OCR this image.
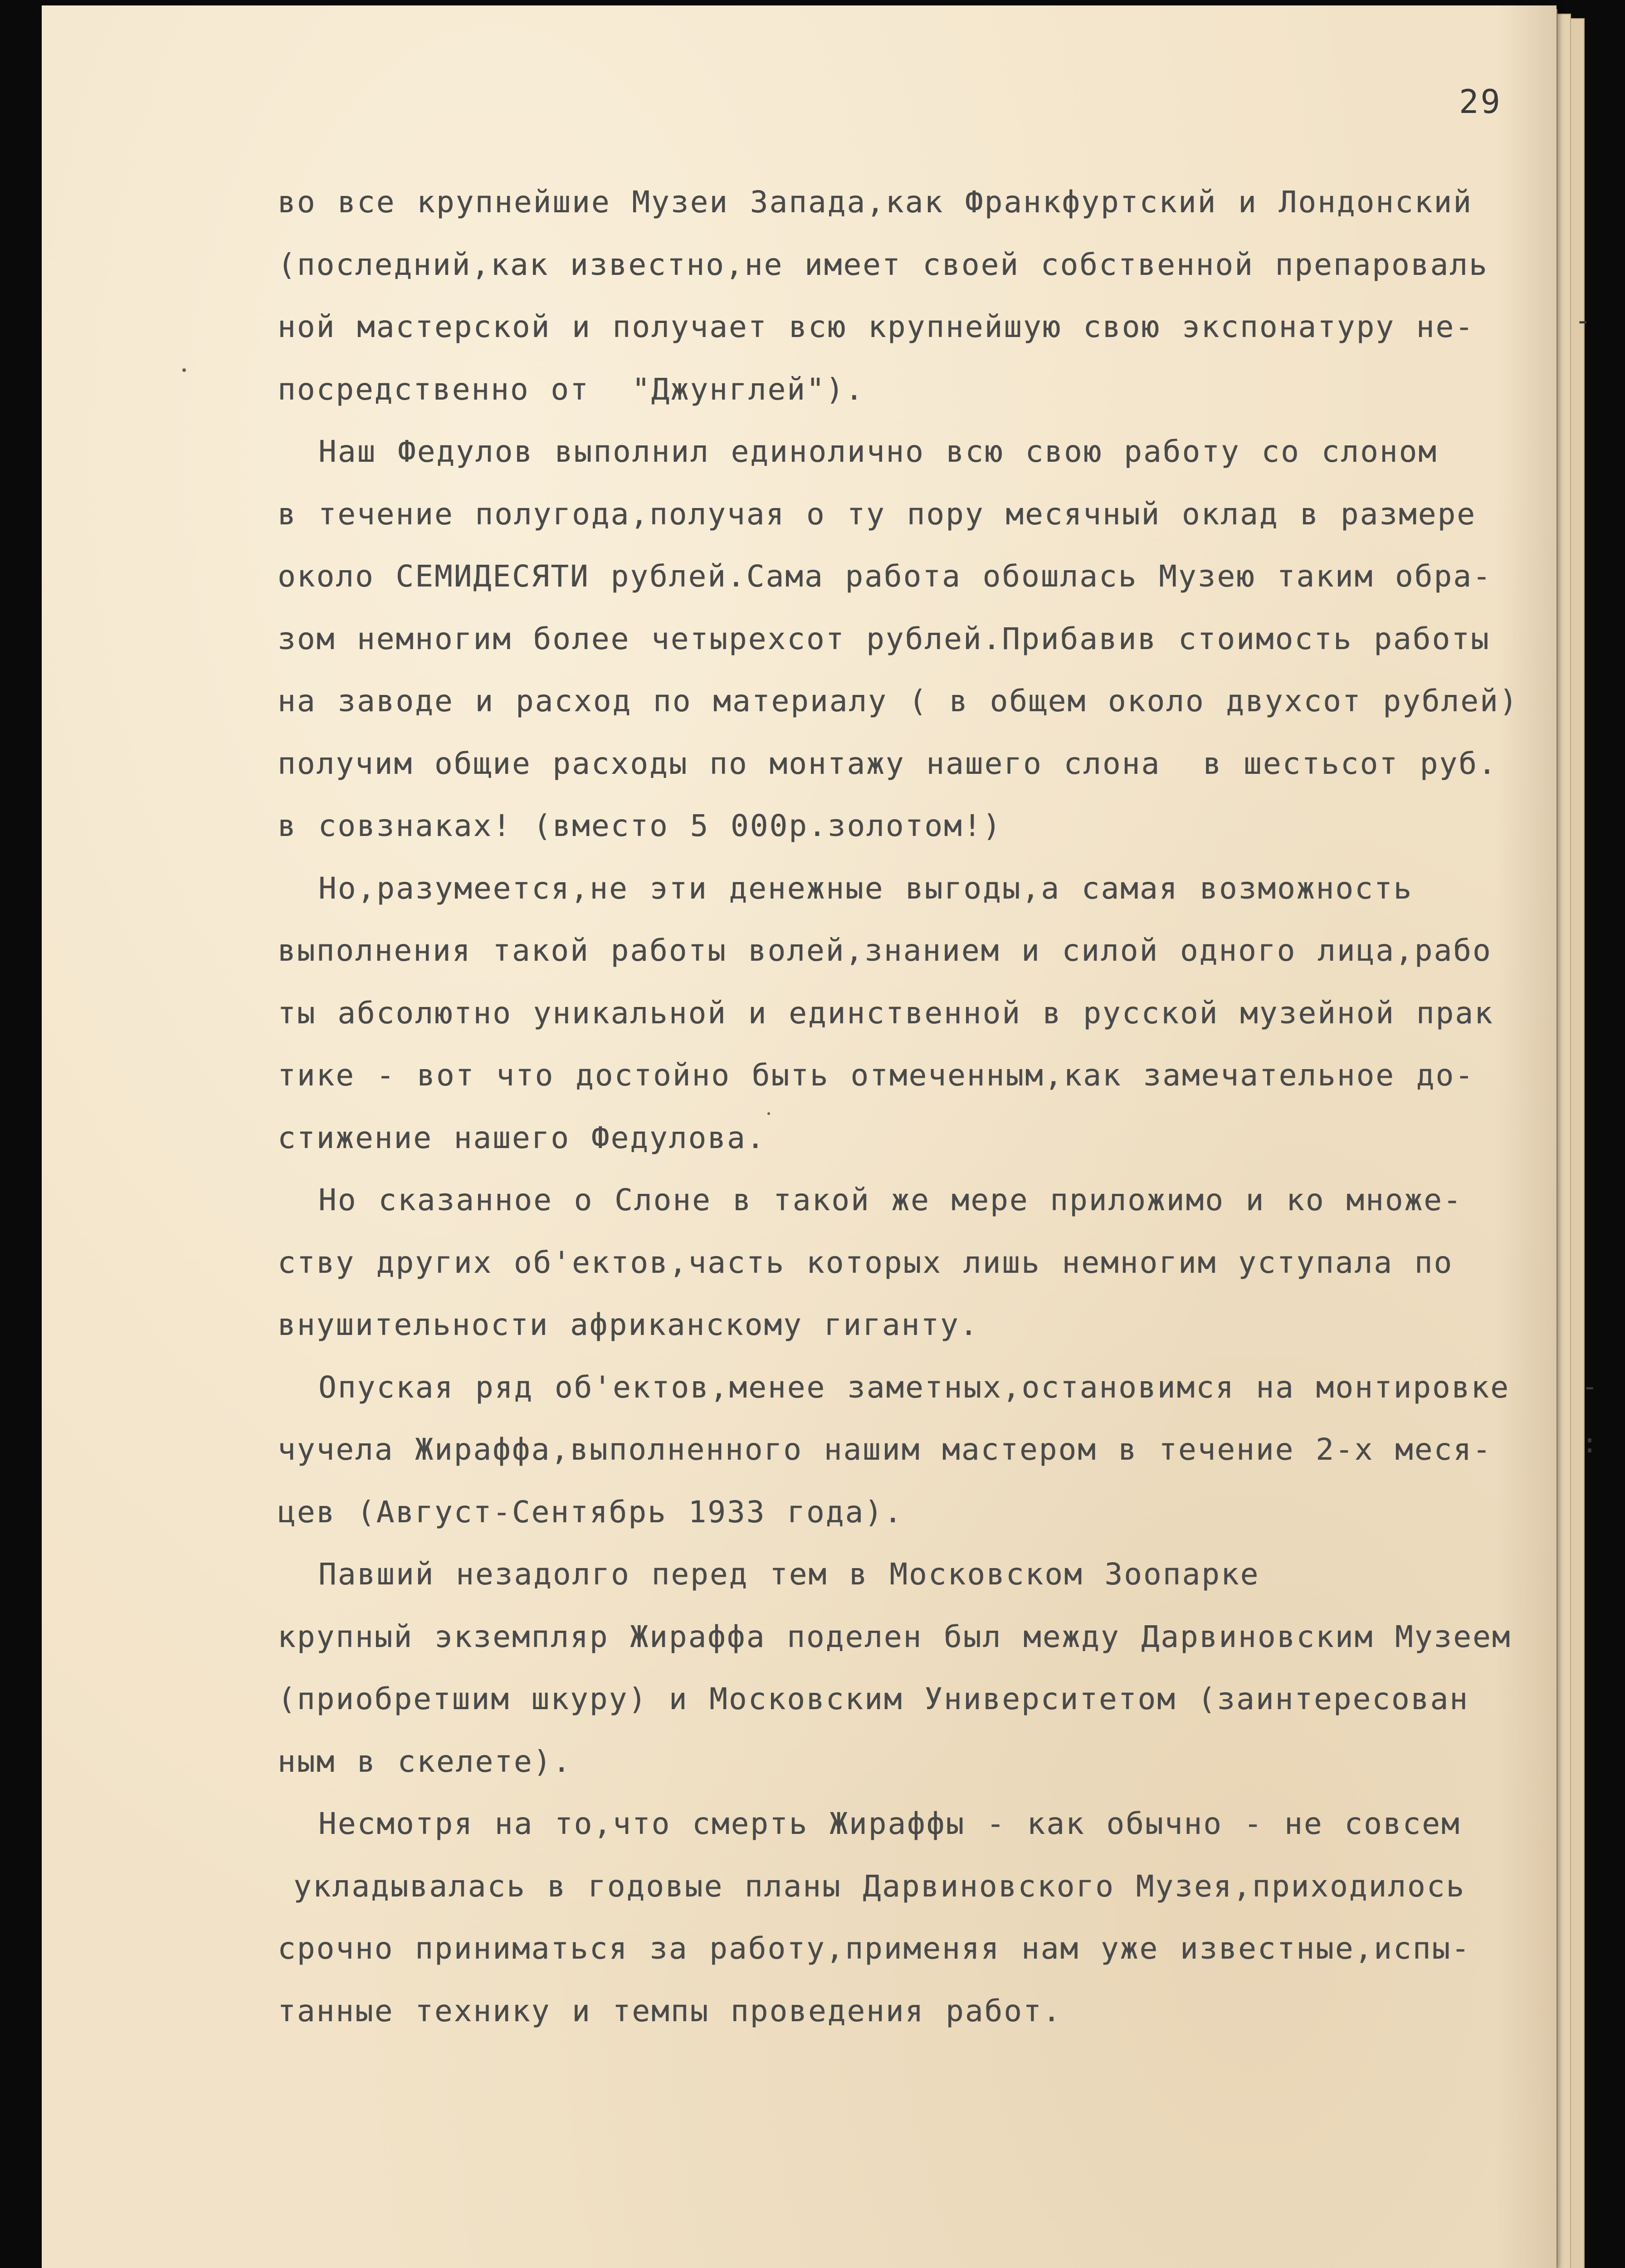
29
-
-
:
во все крупнейшие Музеи Запада,как Франкфуртский и Лондонский
(последний,как известно,не имеет своей собственной препароваль
ной мастерской и получает всю крупнейшую свою экспонатуру не-
посредственно от  "Джунглей").
Наш Федулов выполнил единолично всю свою работу со слоном
в течение полугода,получая о ту пору месячный оклад в размере
около СЕМИДЕСЯТИ рублей.Сама работа обошлась Музею таким обра-
зом немногим более четырехсот рублей.Прибавив стоимость работы
на заводе и расход по материалу ( в общем около двухсот рублей)
получим общие расходы по монтажу нашего слона  в шестьсот руб.
в совзнаках! (вместо 5 000р.золотом!)
Но,разумеется,не эти денежные выгоды,а самая возможность
выполнения такой работы волей,знанием и силой одного лица,рабо
ты абсолютно уникальной и единственной в русской музейной прак
тике - вот что достойно быть отмеченным,как замечательное до-
стижение нашего Федулова.
Но сказанное о Слоне в такой же мере приложимо и ко множе-
ству других об'ектов,часть которых лишь немногим уступала по
внушительности африканскому гиганту.
Опуская ряд об'ектов,менее заметных,остановимся на монтировке
чучела Жираффа,выполненного нашим мастером в течение 2-х меся-
цев (Август-Сентябрь 1933 года).
Павший незадолго перед тем в Московском Зоопарке
крупный экземпляр Жираффа поделен был между Дарвиновским Музеем
(приобретшим шкуру) и Московским Университетом (заинтересован
ным в скелете).
Несмотря на то,что смерть Жираффы - как обычно - не совсем
укладывалась в годовые планы Дарвиновского Музея,приходилось
срочно приниматься за работу,применяя нам уже известные,испы-
танные технику и темпы проведения работ.
